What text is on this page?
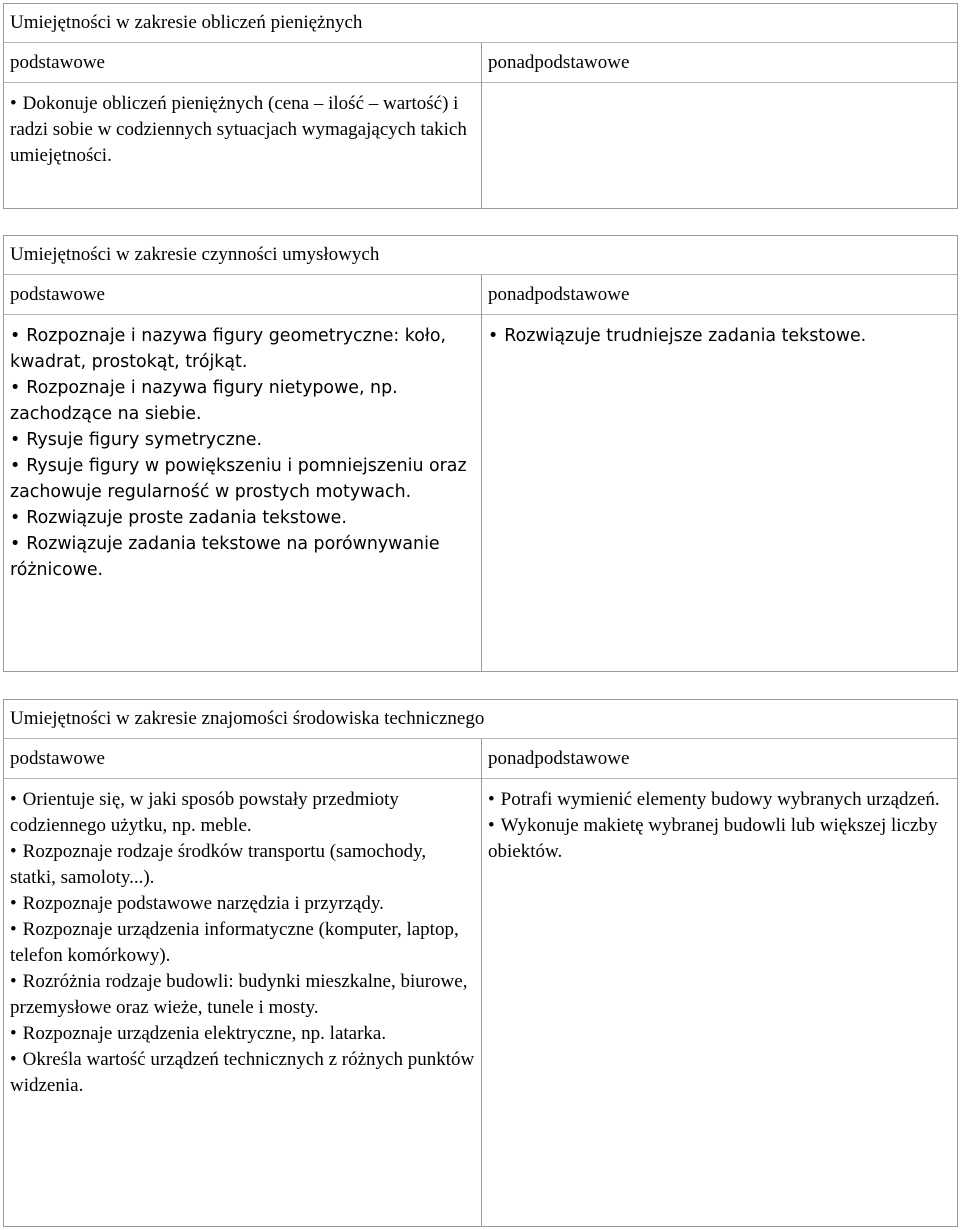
Umiejętności w zakresie obliczeń pieniężnych
podstawowe
• Dokonuje obliczeń pieniężnych (cena – ilość – wartość) i radzi sobie w codziennych sytuacjach wymagających takich umiejętności.
ponadpodstawowe
Umiejętności w zakresie czynności umysłowych
podstawowe
• Rozpoznaje i nazywa figury geometryczne: koło, kwadrat, prostokąt, trójkąt.
• Rozpoznaje i nazywa figury nietypowe, np. zachodzące na siebie.
• Rysuje figury symetryczne.
• Rysuje figury w powiększeniu i pomniejszeniu oraz zachowuje regularność w prostych motywach.
• Rozwiązuje proste zadania tekstowe.
• Rozwiązuje zadania tekstowe na porównywanie różnicowe.
ponadpodstawowe
• Rozwiązuje trudniejsze zadania tekstowe.
Umiejętności w zakresie znajomości środowiska technicznego
podstawowe
• Orientuje się, w jaki sposób powstały przedmioty codziennego użytku, np. meble.
• Rozpoznaje rodzaje środków transportu (samochody, statki, samoloty...).
• Rozpoznaje podstawowe narzędzia i przyrządy.
• Rozpoznaje urządzenia informatyczne (komputer, laptop, telefon komórkowy).
• Rozróżnia rodzaje budowli: budynki mieszkalne, biurowe, przemysłowe oraz wieże, tunele i mosty.
• Rozpoznaje urządzenia elektryczne, np. latarka.
• Określa wartość urządzeń technicznych z różnych punktów widzenia.
ponadpodstawowe
• Potrafi wymienić elementy budowy wybranych urządzeń.
• Wykonuje makietę wybranej budowli lub większej liczby obiektów.
